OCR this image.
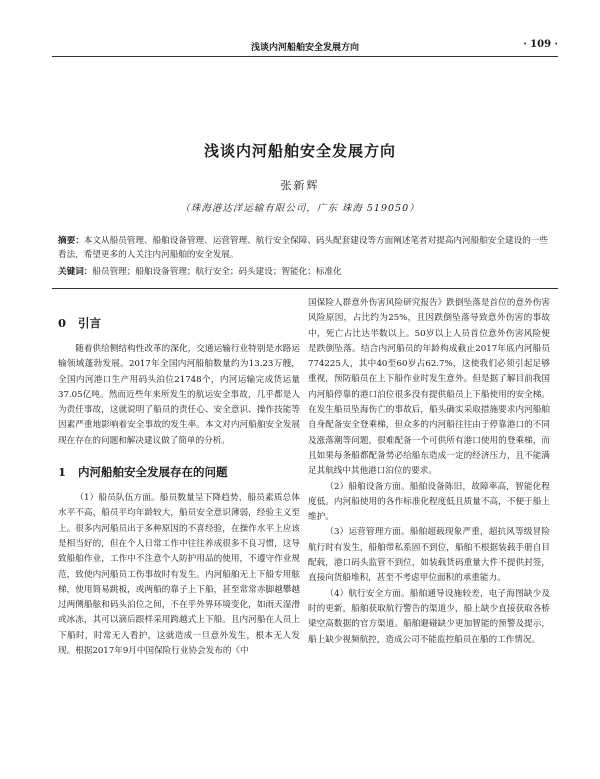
浅谈内河船舶安全发展方向	· 109 ·
浅谈内河船舶安全发展方向
张新辉
（珠海港达洋运输有限公司，广东 珠海 519050）
摘要：本文从船员管理、船舶设备管理、运营管理、航行安全保障、码头配套建设等方面阐述笔者对提高内河船舶安全建设的一些看法，希望更多的人关注内河船舶的安全发展。
关键词：船员管理；船舶设备管理；航行安全；码头建设；智能化；标准化
0 引言

随着供给侧结构性改革的深化，交通运输行业特别是水路运输领域蓬勃发展。2017年全国内河船舶数量约为13.23万艘，全国内河港口生产用码头泊位21748个，内河运输完成货运量37.05亿吨。然而近些年来所发生的航运安全事故，几乎都是人为责任事故，这就说明了船员的责任心、安全意识、操作技能等因素严重地影响着安全事故的发生率。本文对内河船舶安全发展现在存在的问题和解决建议做了简单的分析。

1 内河船舶安全发展存在的问题

（1）船员队伍方面。船员数量呈下降趋势，船员素质总体水平不高，船员平均年龄较大，船员安全意识薄弱，经验主义至上。很多内河船员出于多种原因的不喜经验，在操作水平上应该是相当好的，但在个人日常工作中往往养成很多不良习惯，这导致船舶作业，工作中不注意个人防护用品的使用，不遵守作业规范，致使内河船员工伤事故时有发生。内河船舶无上下船专用舷梯，使用简易跳板，或两船的靠子上下船，甚至常常赤脚越攀越过两侧船舷和码头泊位之间，不在乎外界环境变化，如雨天湿滑或冰冻，其可以滴后跟样采用跨越式上下船。且内河船在人员上下船时，时常无人看护，这就造成一旦意外发生，根本无人发现。根据2017年9月中国保险行业协会发布的《中

国保险人群意外伤害风险研究报告》跌倒坠落是首位的意外伤害风险原因，占比约为25%，且因跌倒坠落导致意外伤害的事故中，死亡占比达半数以上。50岁以上人员首位意外伤害风险便是跌倒坠落。结合内河船员的年龄构成截止2017年底内河船员774225人，其中40至60岁占62.7%，这使我们必须引起足够重视，预防船员在上下船作业时发生意外。但是据了解目前我国内河船停靠的港口泊位很多没有提供船员上下船使用的安全梯。在发生船员坠海伤亡的事故后，船头确实采取措施要求内河船舶自身配备安全登乘梯，但众多的内河船往往由于停靠港口的不同及涨落潮等问题，很难配备一个可供所有港口使用的登乘梯，而且如果每条船都配备势必给船东造成一定的经济压力，且不能满足其航线中其他港口泊位的要求。

（2）船舶设备方面。船舶设备陈旧，故障率高，智能化程度低。内河船使用的各作标准化程度低且质量不高，不便于船上维护。

（3）运营管理方面。船舶超载现象严重，超抗风等级冒险航行时有发生，船舶带私系固不到位，船舶不根据装载手册自目配载，港口码头监管不到位，如装载货码重量大件不提供封签，直接向货船堆积，甚至不考虑甲位面积的承重能力。

（4）航行安全方面。船舶通导设施较差，电子海图缺少及时的更新，船舶获取航行警告的渠道少，船上缺少直接获取各桥梁空高数据的官方渠道。船舶避碰缺少更加智能的预警及提示，船上缺少视频航控，造成公司不能监控船员在船的工作情况。
